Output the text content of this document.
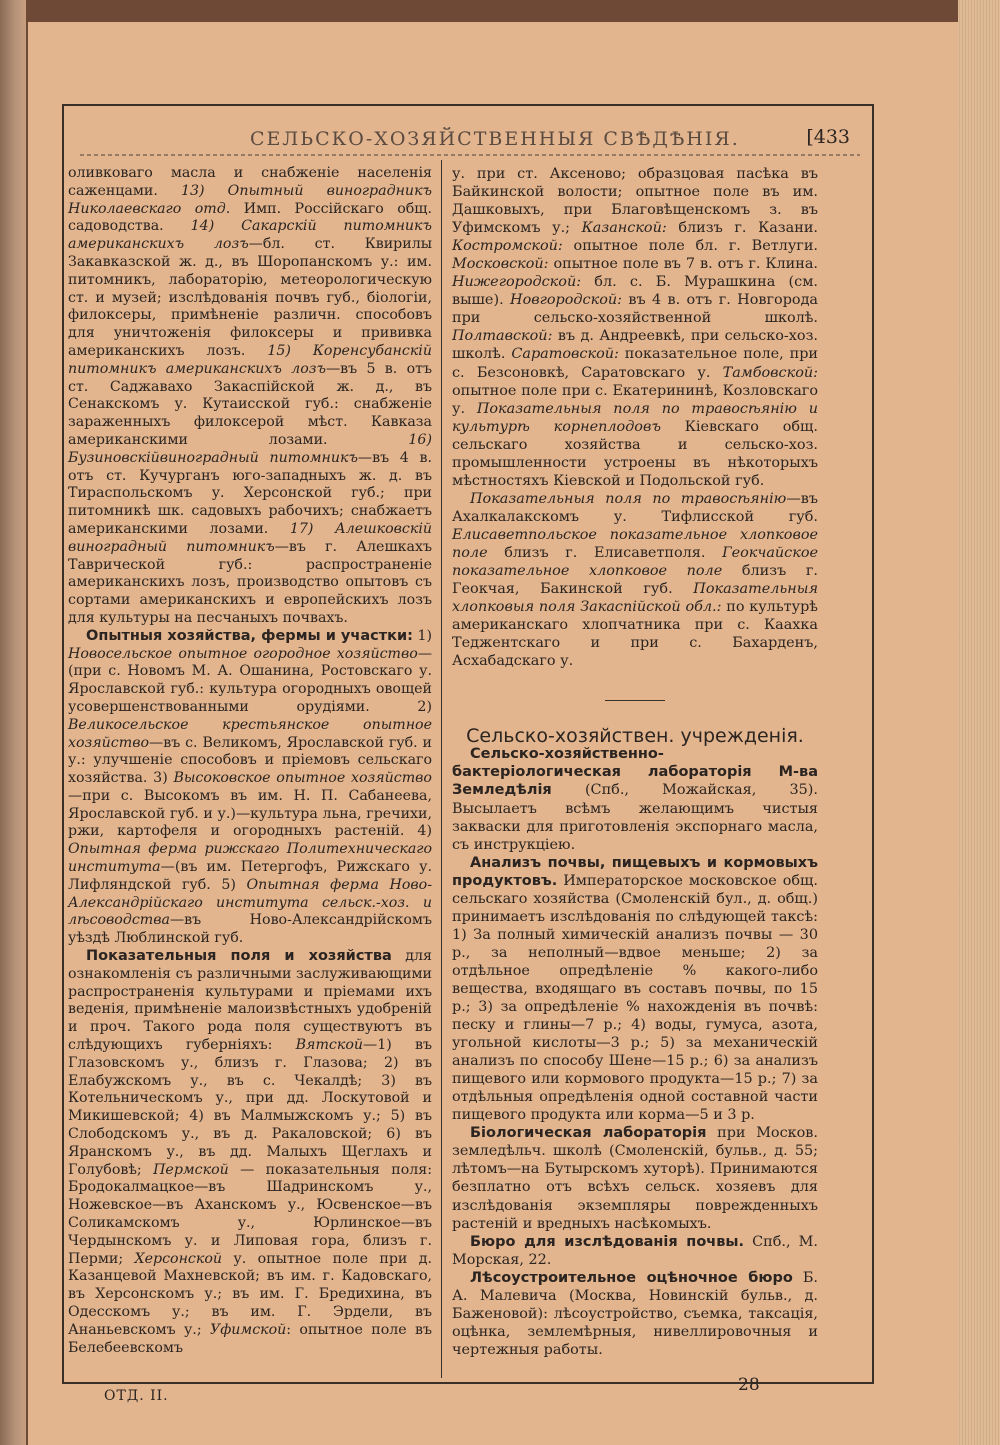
СЕЛЬСКО-ХОЗЯЙСТВЕННЫЯ СВѢДѢНІЯ.	[433

оливковаго масла и снабженіе населенія саженцами. 13) Опытный виноградникъ Николаевскаго отд. Имп. Россійскаго общ. садоводства. 14) Сакарскій питомникъ американскихъ лозъ—бл. ст. Квирилы Закавказской ж. д., въ Шоропанскомъ у.: им. питомникъ, лабораторію, метеорологическую ст. и музей; изслѣдованія почвъ губ., біологіи, филоксеры, примѣненіе различн. способовъ для уничтоженія филоксеры и прививка американскихъ лозъ. 15) Коренсубанскій питомникъ американскихъ лозъ—въ 5 в. отъ ст. Саджавахо Закаспійской ж. д., въ Сенакскомъ у. Кутаисской губ.: снабженіе зараженныхъ филоксерой мѣст. Кавказа американскими лозами. 16) Бузиновскійвиноградный питомникъ—въ 4 в. отъ ст. Кучурганъ юго-западныхъ ж. д. въ Тираспольскомъ у. Херсонской губ.; при питомникѣ шк. садовыхъ рабочихъ; снабжаетъ американскими лозами. 17) Алешковскій виноградный питомникъ—въ г. Алешкахъ Таврической губ.: распространеніе американскихъ лозъ, производство опытовъ съ сортами американскихъ и европейскихъ лозъ для культуры на песчаныхъ почвахъ.

Опытныя хозяйства, фермы и участки: 1) Новосельское опытное огородное хозяйство—(при с. Новомъ М. А. Ошанина, Ростовскаго у. Ярославской губ.: культура огородныхъ овощей усовершенствованными орудіями. 2) Великосельское крестьянское опытное хозяйство—въ с. Великомъ, Ярославской губ. и у.: улучшеніе способовъ и пріемовъ сельскаго хозяйства. 3) Высоковское опытное хозяйство—при с. Высокомъ въ им. Н. П. Сабанеева, Ярославской губ. и у.)—культура льна, гречихи, ржи, картофеля и огородныхъ растеній. 4) Опытная ферма рижскаго Политехническаго института—(въ им. Петергофъ, Рижскаго у. Лифляндской губ. 5) Опытная ферма Ново-Александрійскаго института сельск.-хоз. и лѣсоводства—въ Ново-Александрійскомъ уѣздѣ Люблинской губ.

Показательныя поля и хозяйства для ознакомленія съ различными заслуживающими распространенія культурами и пріемами ихъ веденія, примѣненіе малоизвѣстныхъ удобреній и проч. Такого рода поля существуютъ въ слѣдующихъ губерніяхъ: Вятской—1) въ Глазовскомъ у., близъ г. Глазова; 2) въ Елабужскомъ у., въ с. Чекалдѣ; 3) въ Котельническомъ у., при дд. Лоскутовой и Микишевской; 4) въ Малмыжскомъ у.; 5) въ Слободскомъ у., въ д. Ракаловской; 6) въ Яранскомъ у., въ дд. Малыхъ Щеглахъ и Голубовѣ; Пермской — показательныя поля: Бродокалмацкое—въ Шадринскомъ у., Ножевское—въ Аханскомъ у., Юсвенское—въ Соликамскомъ у., Юрлинское—въ Чердынскомъ у. и Липовая гора, близъ г. Перми; Херсонской у. опытное поле при д. Казанцевой Махневской; въ им. г. Кадовскаго, въ Херсонскомъ у.; въ им. Г. Бредихина, въ Одесскомъ у.; въ им. Г. Эрдели, въ Ананьевскомъ у.; Уфимской: опытное поле въ Белебеевскомъ

у. при ст. Аксеново; образцовая пасѣка въ Байкинской волости; опытное поле въ им. Дашковыхъ, при Благовѣщенскомъ з. въ Уфимскомъ у.; Казанской: близъ г. Казани. Костромской: опытное поле бл. г. Ветлуги. Московской: опытное поле въ 7 в. отъ г. Клина. Нижегородской: бл. с. Б. Мурашкина (см. выше). Новгородской: въ 4 в. отъ г. Новгорода при сельско-хозяйственной школѣ. Полтавской: въ д. Андреевкѣ, при сельско-хоз. школѣ. Саратовской: показательное поле, при с. Безсоновкѣ, Саратовскаго у. Тамбовской: опытное поле при с. Екатерининѣ, Козловскаго у. Показательныя поля по травосѣянію и культурѣ корнеплодовъ Кіевскаго общ. сельскаго хозяйства и сельско-хоз. промышленности устроены въ нѣкоторыхъ мѣстностяхъ Кіевской и Подольской губ.

Показательныя поля по травосѣянію—въ Ахалкалакскомъ у. Тифлисской губ. Елисаветпольское показательное хлопковое поле близъ г. Елисаветполя. Геокчайское показательное хлопковое поле близъ г. Геокчая, Бакинской губ. Показательныя хлопковыя поля Закаспійской обл.: по культурѣ американскаго хлопчатника при с. Каахка Теджентскаго и при с. Бахарденъ, Асхабадскаго у.

Сельско-хозяйствен. учрежденія.

Сельско-хозяйственно-бактеріологическая лабораторія М-ва Земледѣлія (Спб., Можайская, 35). Высылаетъ всѣмъ желающимъ чистыя закваски для приготовленія экспорнаго масла, съ инструкціею.

Анализъ почвы, пищевыхъ и кормовыхъ продуктовъ. Императорское московское общ. сельскаго хозяйства (Смоленскій бул., д. общ.) принимаетъ изслѣдованія по слѣдующей таксѣ: 1) За полный химическій анализъ почвы — 30 р., за неполный—вдвое меньше; 2) за отдѣльное опредѣленіе % какого-либо вещества, входящаго въ составъ почвы, по 15 р.; 3) за опредѣленіе % нахожденія въ почвѣ: песку и глины—7 р.; 4) воды, гумуса, азота, угольной кислоты—3 р.; 5) за механическій анализъ по способу Шене—15 р.; 6) за анализъ пищевого или кормового продукта—15 р.; 7) за отдѣльныя опредѣленія одной составной части пищевого продукта или корма—5 и 3 р.

Біологическая лабораторія при Москов. земледѣльч. школѣ (Смоленскій, бульв., д. 55; лѣтомъ—на Бутырскомъ хуторѣ). Принимаются безплатно отъ всѣхъ сельск. хозяевъ для изслѣдованія экземпляры поврежденныхъ растеній и вредныхъ насѣкомыхъ.

Бюро для изслѣдованія почвы. Спб., М. Морская, 22.

Лѣсоустроительное оцѣночное бюро Б. А. Малевича (Москва, Новинскій бульв., д. Баженовой): лѣсоустройство, съемка, таксація, оцѣнка, землемѣрныя, нивеллировочныя и чертежныя работы.

ОТД. II.
28
